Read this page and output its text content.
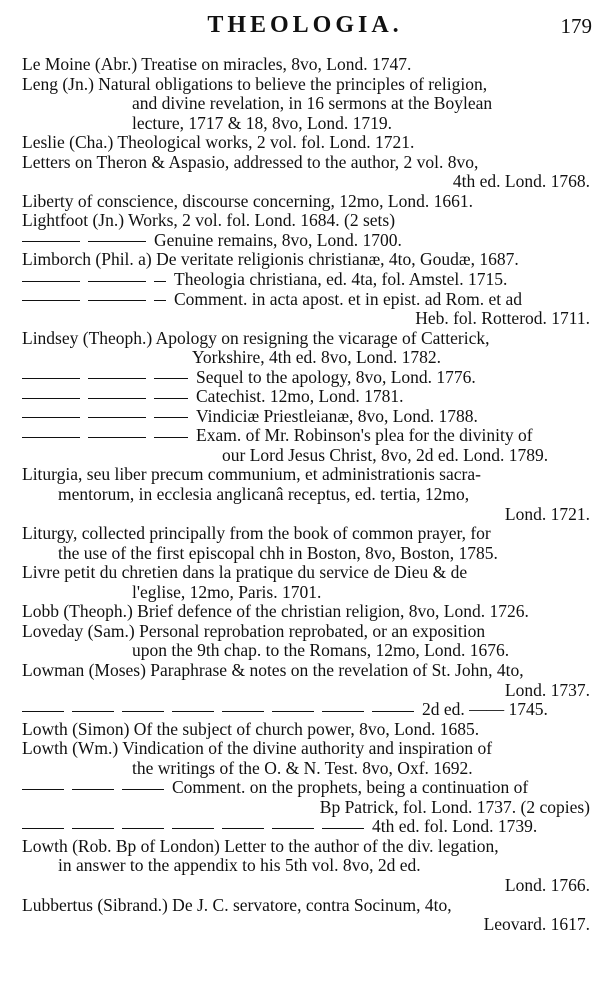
THEOLOGIA.	179
Le Moine (Abr.) Treatise on miracles, 8vo, Lond. 1747.
Leng (Jn.) Natural obligations to believe the principles of religion,
and divine revelation, in 16 sermons at the Boylean
lecture, 1717 & 18, 8vo, Lond. 1719.
Leslie (Cha.) Theological works, 2 vol. fol. Lond. 1721.
Letters on Theron & Aspasio, addressed to the author, 2 vol. 8vo,
4th ed. Lond. 1768.
Liberty of conscience, discourse concerning, 12mo, Lond. 1661.
Lightfoot (Jn.) Works, 2 vol. fol. Lond. 1684. (2 sets)
Genuine remains, 8vo, Lond. 1700.
Limborch (Phil. a) De veritate religionis christianæ, 4to, Goudæ, 1687.
Theologia christiana, ed. 4ta, fol. Amstel. 1715.
Comment. in acta apost. et in epist. ad Rom. et ad
Heb. fol. Rotterod. 1711.
Lindsey (Theoph.) Apology on resigning the vicarage of Catterick,
Yorkshire, 4th ed. 8vo, Lond. 1782.
Sequel to the apology, 8vo, Lond. 1776.
Catechist. 12mo, Lond. 1781.
Vindiciæ Priestleianæ, 8vo, Lond. 1788.
Exam. of Mr. Robinson's plea for the divinity of
our Lord Jesus Christ, 8vo, 2d ed. Lond. 1789.
Liturgia, seu liber precum communium, et administrationis sacra-
mentorum, in ecclesia anglicanâ receptus, ed. tertia, 12mo,
Lond. 1721.
Liturgy, collected principally from the book of common prayer, for
the use of the first episcopal chh in Boston, 8vo, Boston, 1785.
Livre petit du chretien dans la pratique du service de Dieu & de
l'eglise, 12mo, Paris. 1701.
Lobb (Theoph.) Brief defence of the christian religion, 8vo, Lond. 1726.
Loveday (Sam.) Personal reprobation reprobated, or an exposition
upon the 9th chap. to the Romans, 12mo, Lond. 1676.
Lowman (Moses) Paraphrase & notes on the revelation of St. John, 4to,
Lond. 1737.
2d ed. —— 1745.
Lowth (Simon) Of the subject of church power, 8vo, Lond. 1685.
Lowth (Wm.) Vindication of the divine authority and inspiration of
the writings of the O. & N. Test. 8vo, Oxf. 1692.
Comment. on the prophets, being a continuation of
Bp Patrick, fol. Lond. 1737. (2 copies)
4th ed. fol. Lond. 1739.
Lowth (Rob. Bp of London) Letter to the author of the div. legation,
in answer to the appendix to his 5th vol. 8vo, 2d ed.
Lond. 1766.
Lubbertus (Sibrand.) De J. C. servatore, contra Socinum, 4to,
Leovard. 1617.
